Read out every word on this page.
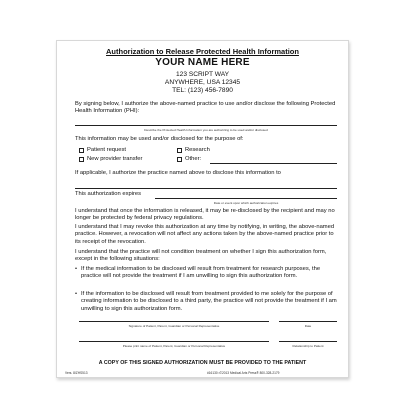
Authorization to Release Protected Health Information
YOUR NAME HERE
123 SCRIPT WAY
ANYWHERE, USA 12345
TEL: (123) 456-7890
By signing below, I authorize the above-named practice to use and/or disclose the following Protected Health Information (PHI):
Describe the Protected Health Information you are authorizing to be used and/or disclosed
This information may be used and/or disclosed for the purpose of:
Patient request	Research
New provider transfer	Other:
If applicable, I authorize the practice named above to disclose this information to
This authorization expires
Date or event upon which authorization expires
I understand that once the information is released, it may be re-disclosed by the recipient and may no longer be protected by federal privacy regulations.
I understand that I may revoke this authorization at any time by notifying, in writing, the above-named practice. However, a revocation will not affect any actions taken by the above-named practice prior to its receipt of the revocation.
I understand that the practice will not condition treatment on whether I sign this authorization form, except in the following situations:
• If the medical information to be disclosed will result from treatment for research purposes, the practice will not provide the treatment if I am unwilling to sign this authorization form.
• If the information to be disclosed will result from treatment provided to me solely for the purpose of creating information to be disclosed to a third party, the practice will not provide the treatment if I am unwilling to sign this authorization form.
Signature of Patient, Parent, Guardian or Personal Representative	Date
Please print name of Patient, Parent, Guardian or Personal Representative	Relationship to Patient
A COPY OF THIS SIGNED AUTHORIZATION MUST BE PROVIDED TO THE PATIENT
Vers. 8/ZHS513	#16130 •©2013 Medical Arts Press® 800-328-2179
